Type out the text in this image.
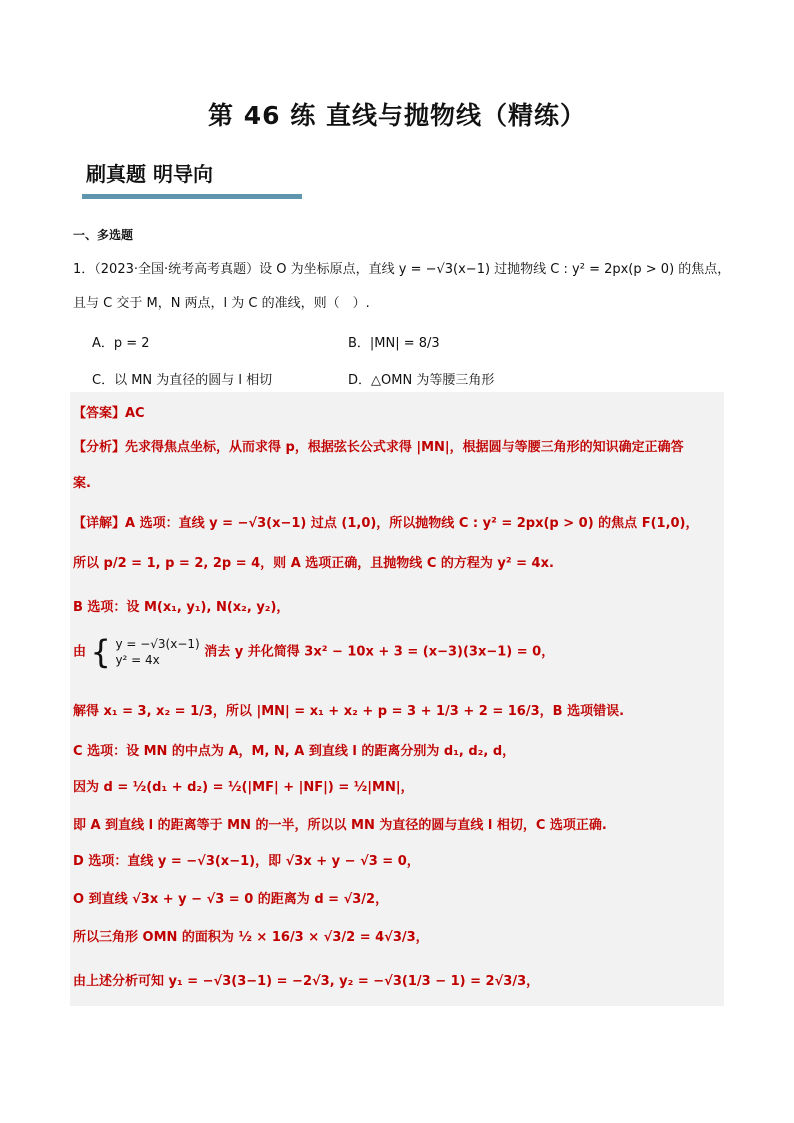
第 46 练 直线与抛物线（精练）
刷真题 明导向
一、多选题
1．（2023·全国·统考高考真题）设 O 为坐标原点，直线 y = −√3(x−1) 过抛物线 C : y² = 2px(p > 0) 的焦点，
且与 C 交于 M，N 两点，l 为 C 的准线，则（　）.
A．p = 2	B．|MN| = 8/3
C．以 MN 为直径的圆与 l 相切	D．△OMN 为等腰三角形
【答案】AC
【分析】先求得焦点坐标，从而求得 p，根据弦长公式求得 |MN|，根据圆与等腰三角形的知识确定正确答
案.
【详解】A 选项：直线 y = −√3(x−1) 过点 (1,0)，所以抛物线 C : y² = 2px(p > 0) 的焦点 F(1,0)，
所以 p/2 = 1, p = 2, 2p = 4，则 A 选项正确，且抛物线 C 的方程为 y² = 4x.
B 选项：设 M(x₁, y₁), N(x₂, y₂)，
由 { y = −√3(x−1)
y² = 4x
消去 y 并化简得 3x² − 10x + 3 = (x−3)(3x−1) = 0，
解得 x₁ = 3, x₂ = 1/3，所以 |MN| = x₁ + x₂ + p = 3 + 1/3 + 2 = 16/3，B 选项错误.
C 选项：设 MN 的中点为 A，M, N, A 到直线 l 的距离分别为 d₁, d₂, d，
因为 d = ½(d₁ + d₂) = ½(|MF| + |NF|) = ½|MN|，
即 A 到直线 l 的距离等于 MN 的一半，所以以 MN 为直径的圆与直线 l 相切，C 选项正确.
D 选项：直线 y = −√3(x−1)，即 √3x + y − √3 = 0，
O 到直线 √3x + y − √3 = 0 的距离为 d = √3/2，
所以三角形 OMN 的面积为 ½ × 16/3 × √3/2 = 4√3/3，
由上述分析可知 y₁ = −√3(3−1) = −2√3, y₂ = −√3(1/3 − 1) = 2√3/3，
